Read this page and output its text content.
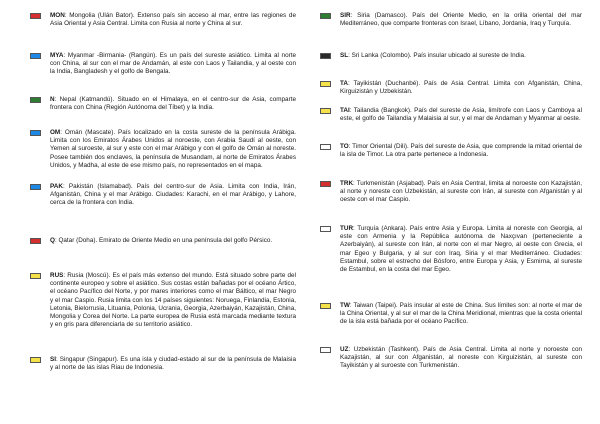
MON: Mongolia (Ulán Bator). Extenso país sin acceso al mar, entre las regiones de Asia Oriental y Asia Central. Limita con Rusia al norte y China al sur.
MYA: Myanmar -Birmania- (Rangún). Es un país del sureste asiático. Limita al norte con China, al sur con el mar de Andamán, al este con Laos y Tailandia, y al oeste con la India, Bangladesh y el golfo de Bengala.
N: Nepal (Katmandú). Situado en el Himalaya, en el centro-sur de Asia, comparte frontera con China (Región Autónoma del Tíbet) y la India.
OM: Omán (Mascate). País localizado en la costa sureste de la península Arábiga. Limita con los Emiratos Árabes Unidos al noroeste, con Arabia Saudí al oeste, con Yemen al suroeste, al sur y este con el mar Arábigo y con el golfo de Omán al noreste. Posee también dos enclaves, la península de Musandam, al norte de Emiratos Árabes Unidos, y Madha, al este de ese mismo país, no representados en el mapa.
PAK: Pakistán (Islamabad). País del centro-sur de Asia. Limita con India, Irán, Afganistán, China y el mar Arábigo. Ciudades: Karachi, en el mar Arábigo, y Lahore, cerca de la frontera con India.
Q: Qatar (Doha). Emirato de Oriente Medio en una península del golfo Pérsico.
RUS: Rusia (Moscú). Es el país más extenso del mundo. Está situado sobre parte del continente europeo y sobre el asiático. Sus costas están bañadas por el océano Ártico, el océano Pacífico del Norte, y por mares interiores como el mar Báltico, el mar Negro y el mar Caspio. Rusia limita con los 14 países siguientes: Noruega, Finlandia, Estonia, Letonia, Bielorrusia, Lituania, Polonia, Ucrania, Georgia, Azerbaiyán, Kazajistán, China, Mongolia y Corea del Norte. La parte europea de Rusia está marcada mediante textura y en gris para diferenciarla de su territorio asiático.
SI: Singapur (Singapur). Es una isla y ciudad-estado al sur de la península de Malaisia y al norte de las islas Riau de Indonesia.
SIR: Siria (Damasco). País del Oriente Medio, en la orilla oriental del mar Mediterráneo, que comparte fronteras con Israel, Líbano, Jordania, Iraq y Turquía.
SL: Sri Lanka (Colombo). País insular ubicado al sureste de India.
TA: Tayikistán (Duchanbé). País de Asia Central. Limita con Afganistán, China, Kirguizistán y Uzbekistán.
TAI: Tailandia (Bangkok). País del sureste de Asia, limítrofe con Laos y Camboya al este, el golfo de Tailandia y Malaisia al sur, y el mar de Andaman y Myanmar al oeste.
TO: Timor Oriental (Dili). País del sureste de Asia, que comprende la mitad oriental de la isla de Timor. La otra parte pertenece a Indonesia.
TRK: Turkmenistán (Asjabad). País en Asia Central, limita al noroeste con Kazajistán, al norte y noreste con Uzbekistán, al sureste con Irán, al sureste con Afganistán y al oeste con el mar Caspio.
TUR: Turquía (Ankara). País entre Asia y Europa. Limita al noreste con Georgia, al este con Armenia y la República autónoma de Naxçıvan (perteneciente a Azerbaiyán), al sureste con Irán, al norte con el mar Negro, al oeste con Grecia, el mar Egeo y Bulgaria, y al sur con Iraq, Siria y el mar Mediterráneo. Ciudades: Estambul, sobre el estrecho del Bósforo, entre Europa y Asia, y Esmirna, al sureste de Estambul, en la costa del mar Egeo.
TW: Taiwan (Taipei). País insular al este de China. Sus límites son: al norte el mar de la China Oriental, y al sur el mar de la China Meridional, mientras que la costa oriental de la isla está bañada por el océano Pacífico.
UZ: Uzbekistán (Tashkent). País de Asia Central. Limita al norte y noroeste con Kazajistán, al sur con Afganistán, al noreste con Kirguizistán, al sureste con Tayikistán y al suroeste con Turkmenistán.
